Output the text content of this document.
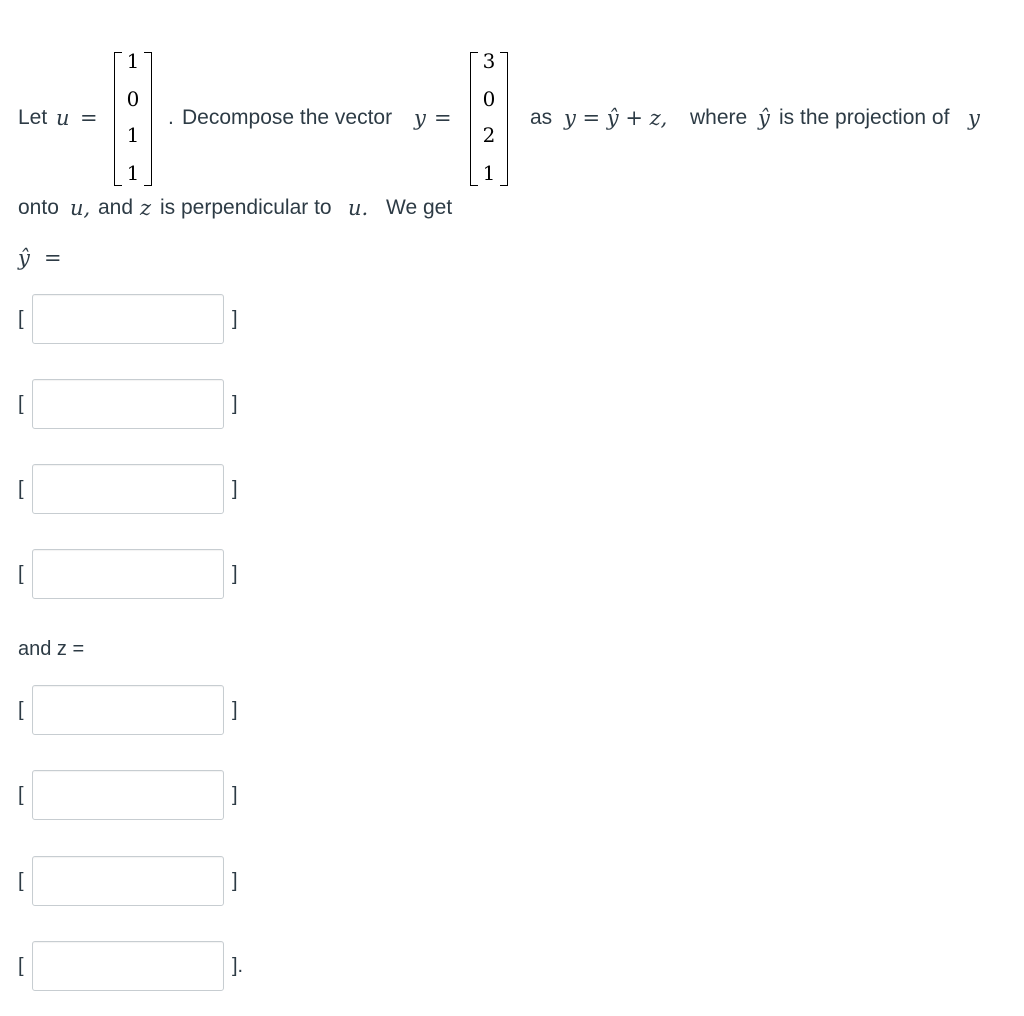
Let u =
1
0
1
1
. Decompose the vector y =
3
0
2
1
as y = ŷ + z, where ŷ is the projection of y
onto u, and z is perpendicular to u. We get
ŷ =
[	]
[	]
[	]
[	]
and z =
[	]
[	]
[	]
[	].
